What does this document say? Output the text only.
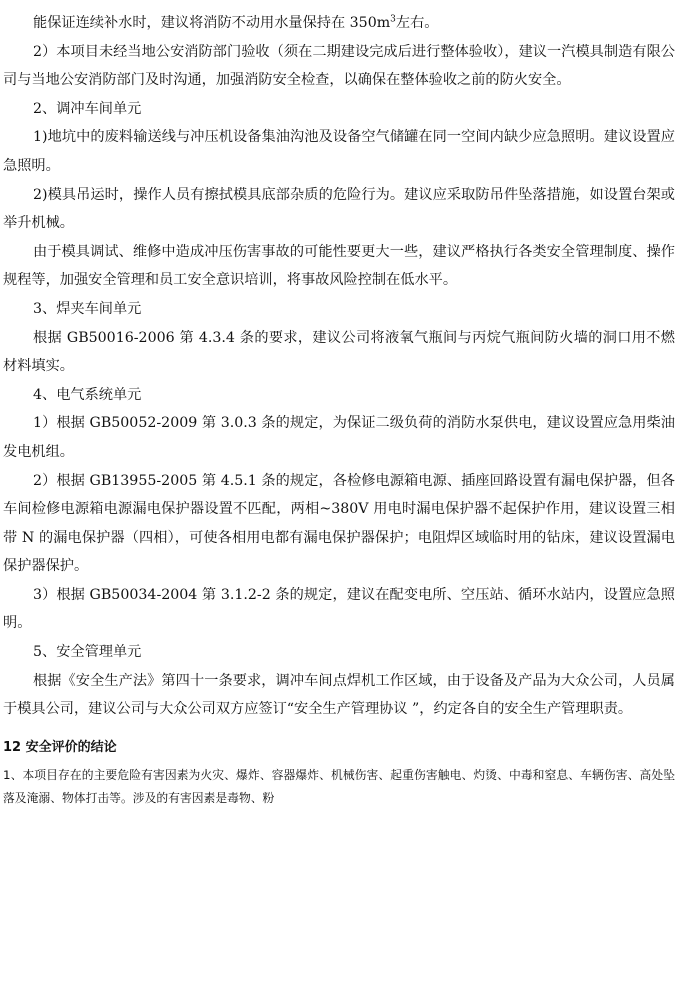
能保证连续补水时，建议将消防不动用水量保持在 $350m^3$左右。

2）本项目未经当地公安消防部门验收（须在二期建设完成后进行整体验收），建议一汽模具制造有限公司与当地公安消防部门及时沟通，加强消防安全检查，以确保在整体验收之前的防火安全。

2、调冲车间单元

1)地坑中的废料输送线与冲压机设备集油沟池及设备空气储罐在同一空间内缺少应急照明。建议设置应急照明。

2)模具吊运时，操作人员有擦拭模具底部杂质的危险行为。建议应采取防吊件坠落措施，如设置台架或举升机械。

由于模具调试、维修中造成冲压伤害事故的可能性要更大一些，建议严格执行各类安全管理制度、操作规程等，加强安全管理和员工安全意识培训，将事故风险控制在低水平。

3、焊夹车间单元

根据 GB50016-2006 第 4.3.4 条的要求，建议公司将液氧气瓶间与丙烷气瓶间防火墙的洞口用不燃材料填实。

4、电气系统单元

1）根据 GB50052-2009 第 3.0.3 条的规定，为保证二级负荷的消防水泵供电，建议设置应急用柴油发电机组。

2）根据 GB13955-2005 第 4.5.1 条的规定，各检修电源箱电源、插座回路设置有漏电保护器，但各车间检修电源箱电源漏电保护器设置不匹配，两相~380V 用电时漏电保护器不起保护作用，建议设置三相带 N 的漏电保护器（四相），可使各相用电都有漏电保护器保护；电阻焊区域临时用的钻床，建议设置漏电保护器保护。

3）根据 GB50034-2004 第 3.1.2-2 条的规定，建议在配变电所、空压站、循环水站内，设置应急照明。

5、安全管理单元

根据《安全生产法》第四十一条要求，调冲车间点焊机工作区域，由于设备及产品为大众公司，人员属于模具公司，建议公司与大众公司双方应签订“安全生产管理协议 ”，约定各自的安全生产管理职责。

12 安全评价的结论

1、本项目存在的主要危险有害因素为火灾、爆炸、容器爆炸、机械伤害、起重伤害触电、灼烫、中毒和窒息、车辆伤害、高处坠落及淹溺、物体打击等。涉及的有害因素是毒物、粉
